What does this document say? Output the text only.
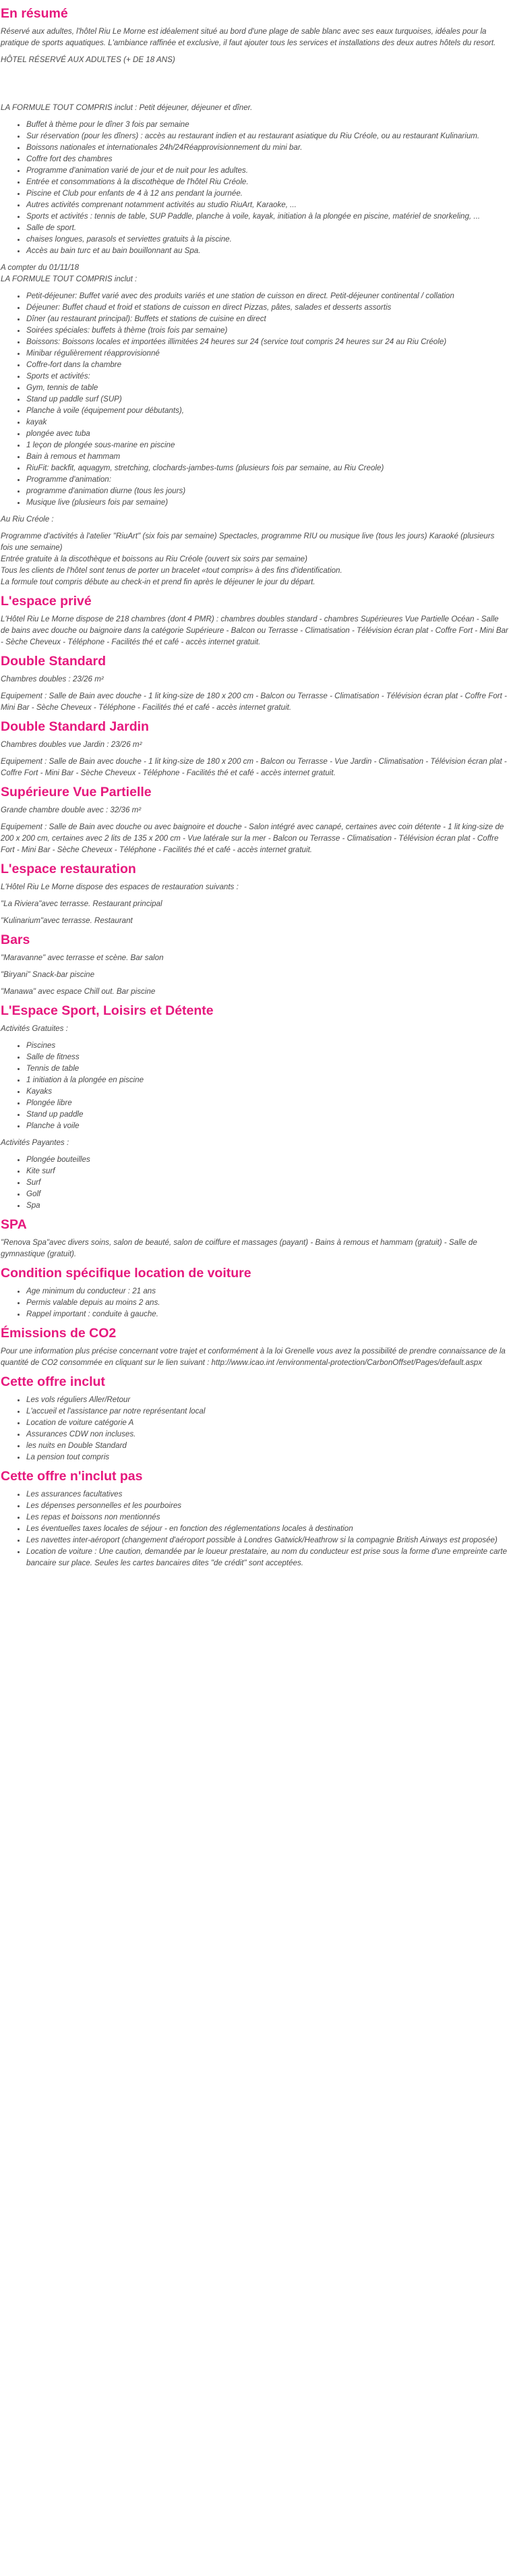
En résumé

Réservé aux adultes, l'hôtel Riu Le Morne est idéalement situé au bord d'une plage de sable blanc avec ses eaux turquoises, idéales pour la pratique de sports aquatiques. L'ambiance raffinée et exclusive, il faut ajouter tous les services et installations des deux autres hôtels du resort.

HÔTEL RÉSERVÉ AUX ADULTES (+ DE 18 ANS)

LA FORMULE TOUT COMPRIS inclut : Petit déjeuner, déjeuner et dîner.

• Buffet à thème pour le dîner 3 fois par semaine
• Sur réservation (pour les dîners) : accès au restaurant indien et au restaurant asiatique du Riu Créole, ou au restaurant Kulinarium.
• Boissons nationales et internationales 24h/24Réapprovisionnement du mini bar.
• Coffre fort des chambres
• Programme d'animation varié de jour et de nuit pour les adultes.
• Entrée et consommations à la discothèque de l'hôtel Riu Créole.
• Piscine et Club pour enfants de 4 à 12 ans pendant la journée.
• Autres activités comprenant notamment activités au studio RiuArt, Karaoke, ...
• Sports et activités : tennis de table, SUP Paddle, planche à voile, kayak, initiation à la plongée en piscine, matériel de snorkeling, ...
• Salle de sport.
• chaises longues, parasols et serviettes gratuits à la piscine.
• Accès au bain turc et au bain bouillonnant au Spa.

A compter du 01/11/18

LA FORMULE TOUT COMPRIS inclut :

• Petit-déjeuner: Buffet varié avec des produits variés et une station de cuisson en direct. Petit-déjeuner continental / collation
• Déjeuner: Buffet chaud et froid et stations de cuisson en direct Pizzas, pâtes, salades et desserts assortis
• Dîner (au restaurant principal): Buffets et stations de cuisine en direct
• Soirées spéciales: buffets à thème (trois fois par semaine)
• Boissons: Boissons locales et importées illimitées 24 heures sur 24 (service tout compris 24 heures sur 24 au Riu Créole)
• Minibar régulièrement réapprovisionné
• Coffre-fort dans la chambre
• Sports et activités:
• Gym, tennis de table
• Stand up paddle surf (SUP)
• Planche à voile (équipement pour débutants),
• kayak
• plongée avec tuba
• 1 leçon de plongée sous-marine en piscine
• Bain à remous et hammam
• RiuFit: backfit, aquagym, stretching, clochards-jambes-tums (plusieurs fois par semaine, au Riu Creole)
• Programme d'animation:
• programme d'animation diurne (tous les jours)
• Musique live (plusieurs fois par semaine)

Au Riu Créole :

Programme d'activités à l'atelier "RiuArt" (six fois par semaine) Spectacles, programme RIU ou musique live (tous les jours) Karaoké (plusieurs fois une semaine)
Entrée gratuite à la discothèque et boissons au Riu Créole (ouvert six soirs par semaine)
Tous les clients de l'hôtel sont tenus de porter un bracelet «tout compris» à des fins d'identification.
La formule tout compris débute au check-in et prend fin après le déjeuner le jour du départ.
L'espace privé

L'Hôtel Riu Le Morne dispose de 218 chambres (dont 4 PMR) : chambres doubles standard - chambres Supérieures Vue Partielle Océan - Salle de bains avec douche ou baignoire dans la catégorie Supérieure - Balcon ou Terrasse - Climatisation - Télévision écran plat - Coffre Fort - Mini Bar - Sèche Cheveux - Téléphone - Facilités thé et café - accès internet gratuit.

Double Standard

Chambres doubles : 23/26 m²

Equipement : Salle de Bain avec douche - 1 lit king-size de 180 x 200 cm - Balcon ou Terrasse - Climatisation - Télévision écran plat - Coffre Fort - Mini Bar - Sèche Cheveux - Téléphone - Facilités thé et café - accès internet gratuit.

Double Standard Jardin

Chambres doubles vue Jardin : 23/26 m²

Equipement : Salle de Bain avec douche - 1 lit king-size de 180 x 200 cm - Balcon ou Terrasse - Vue Jardin - Climatisation - Télévision écran plat - Coffre Fort - Mini Bar - Sèche Cheveux - Téléphone - Facilités thé et café - accès internet gratuit.

Supérieure Vue Partielle

Grande chambre double avec : 32/36 m²

Equipement : Salle de Bain avec douche ou avec baignoire et douche - Salon intégré avec canapé, certaines avec coin détente - 1 lit king-size de 200 x 200 cm, certaines avec 2 lits de 135 x 200 cm - Vue latérale sur la mer - Balcon ou Terrasse - Climatisation - Télévision écran plat - Coffre Fort - Mini Bar - Sèche Cheveux - Téléphone - Facilités thé et café - accès internet gratuit.

L'espace restauration

L'Hôtel Riu Le Morne dispose des espaces de restauration suivants :

"La Riviera"avec terrasse. Restaurant principal

"Kulinarium"avec terrasse. Restaurant

Bars

"Maravanne" avec terrasse et scène. Bar salon

"Biryani" Snack-bar piscine

"Manawa" avec espace Chill out. Bar piscine

L'Espace Sport, Loisirs et Détente

Activités Gratuites :

• Piscines
• Salle de fitness
• Tennis de table
• 1 initiation à la plongée en piscine
• Kayaks
• Plongée libre
• Stand up paddle
• Planche à voile

Activités Payantes :

• Plongée bouteilles
• Kite surf
• Surf
• Golf
• Spa
SPA

"Renova Spa"avec divers soins, salon de beauté, salon de coiffure et massages (payant) - Bains à remous et hammam (gratuit) - Salle de gymnastique (gratuit).

Condition spécifique location de voiture
• Age minimum du conducteur : 21 ans
• Permis valable depuis au moins 2 ans.
• Rappel important : conduite à gauche.
Émissions de CO2

Pour une information plus précise concernant votre trajet et conformément à la loi Grenelle vous avez la possibilité de prendre connaissance de la quantité de CO2 consommée en cliquant sur le lien suivant : http://www.icao.int /environmental-protection/CarbonOffset/Pages/default.aspx

Cette offre inclut
• Les vols réguliers Aller/Retour
• L'accueil et l'assistance par notre représentant local
• Location de voiture catégorie A
• Assurances CDW non incluses.
• les nuits en Double Standard
• La pension tout compris
Cette offre n'inclut pas
• Les assurances facultatives
• Les dépenses personnelles et les pourboires
• Les repas et boissons non mentionnés
• Les éventuelles taxes locales de séjour - en fonction des réglementations locales à destination
• Les navettes inter-aéroport (changement d'aéroport possible à Londres Gatwick/Heathrow si la compagnie British Airways est proposée)
• Location de voiture : Une caution, demandée par le loueur prestataire, au nom du conducteur est prise sous la forme d'une empreinte carte bancaire sur place. Seules les cartes bancaires dites "de crédit" sont acceptées.
